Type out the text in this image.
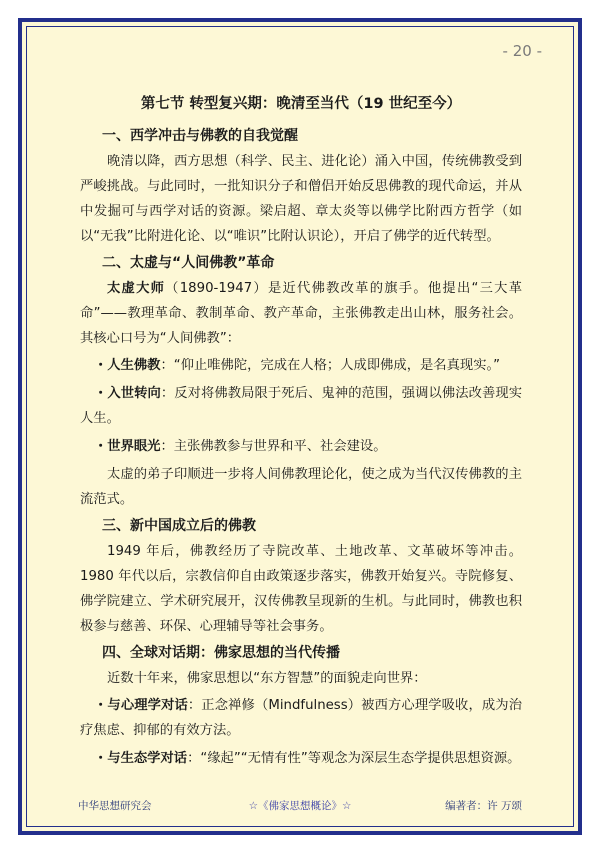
- 20 -
第七节 转型复兴期：晚清至当代（19 世纪至今）
一、西学冲击与佛教的自我觉醒

晚清以降，西方思想（科学、民主、进化论）涌入中国，传统佛教受到严峻挑战。与此同时，一批知识分子和僧侣开始反思佛教的现代命运，并从中发掘可与西学对话的资源。梁启超、章太炎等以佛学比附西方哲学（如以“无我”比附进化论、以“唯识”比附认识论），开启了佛学的近代转型。

二、太虚与“人间佛教”革命

太虚大师（1890-1947）是近代佛教改革的旗手。他提出“三大革命”——教理革命、教制革命、教产革命，主张佛教走出山林，服务社会。其核心口号为“人间佛教”：

・人生佛教：“仰止唯佛陀，完成在人格；人成即佛成，是名真现实。”
・入世转向：反对将佛教局限于死后、鬼神的范围，强调以佛法改善现实人生。
・世界眼光：主张佛教参与世界和平、社会建设。

太虚的弟子印顺进一步将人间佛教理论化，使之成为当代汉传佛教的主流范式。

三、新中国成立后的佛教

1949 年后，佛教经历了寺院改革、土地改革、文革破坏等冲击。1980 年代以后，宗教信仰自由政策逐步落实，佛教开始复兴。寺院修复、佛学院建立、学术研究展开，汉传佛教呈现新的生机。与此同时，佛教也积极参与慈善、环保、心理辅导等社会事务。

四、全球对话期：佛家思想的当代传播

近数十年来，佛家思想以“东方智慧”的面貌走向世界：

・与心理学对话：正念禅修（Mindfulness）被西方心理学吸收，成为治疗焦虑、抑郁的有效方法。
・与生态学对话：“缘起”“无情有性”等观念为深层生态学提供思想资源。
中华思想研究会	☆《佛家思想概论》☆	编著者：许 万颂
